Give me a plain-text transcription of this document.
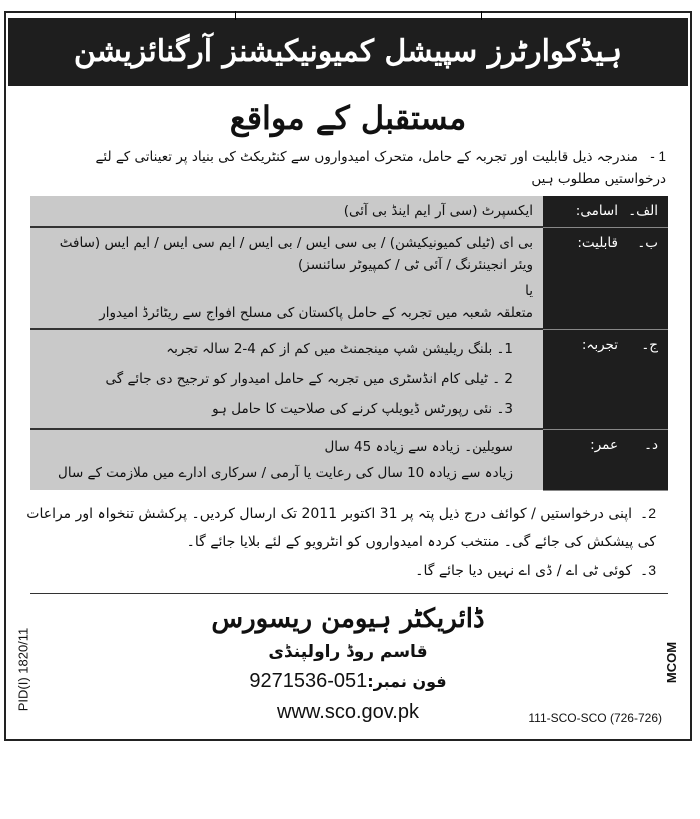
ہیڈکوارٹرز سپیشل کمیونیکیشنز آرگنائزیشن
مستقبل کے مواقع
1 - مندرجہ ذیل قابلیت اور تجربہ کے حامل، متحرک امیدواروں سے کنٹریکٹ کی بنیاد پر تعیناتی کے لئے درخواستیں مطلوب ہیں
الف۔اسامی:	ایکسپرٹ (سی آر ایم اینڈ بی آئی)

ب۔قابلیت:	بی ای (ٹیلی کمیونیکیشن) / بی سی ایس / بی ایس / ایم سی ایس / ایم ایس (سافٹ ویئر انجینئرنگ / آئی ٹی / کمپیوٹر سائنسز)
یا
متعلقہ شعبہ میں تجربہ کے حامل پاکستان کی مسلح افواج سے ریٹائرڈ امیدوار

ج۔تجربہ:	1۔ بلنگ ریلیشن شپ مینجمنٹ میں کم از کم 4-2 سالہ تجربہ
2 ۔ ٹیلی کام انڈسٹری میں تجربہ کے حامل امیدوار کو ترجیح دی جائے گی
3۔ نئی رپورٹس ڈیویلپ کرنے کی صلاحیت کا حامل ہو

د۔عمر:	سویلین۔ زیادہ سے زیادہ 45 سال
زیادہ سے زیادہ 10 سال کی رعایت یا آرمی / سرکاری ادارے میں ملازمت کے سال
2۔اپنی درخواستیں / کوائف درج ذیل پتہ پر 31 اکتوبر 2011 تک ارسال کردیں۔ پرکشش تنخواہ اور مراعات کی پیشکش کی جائے گی۔ منتخب کردہ امیدواروں کو انٹرویو کے لئے بلایا جائے گا۔
3۔کوئی ٹی اے / ڈی اے نہیں دیا جائے گا۔
ڈائریکٹر ہیومن ریسورس
قاسم روڈ راولپنڈی
فون نمبر:051-9271536
www.sco.gov.pk
PID(I) 1820/11	MCOM
111-SCO-SCO (726-726)
